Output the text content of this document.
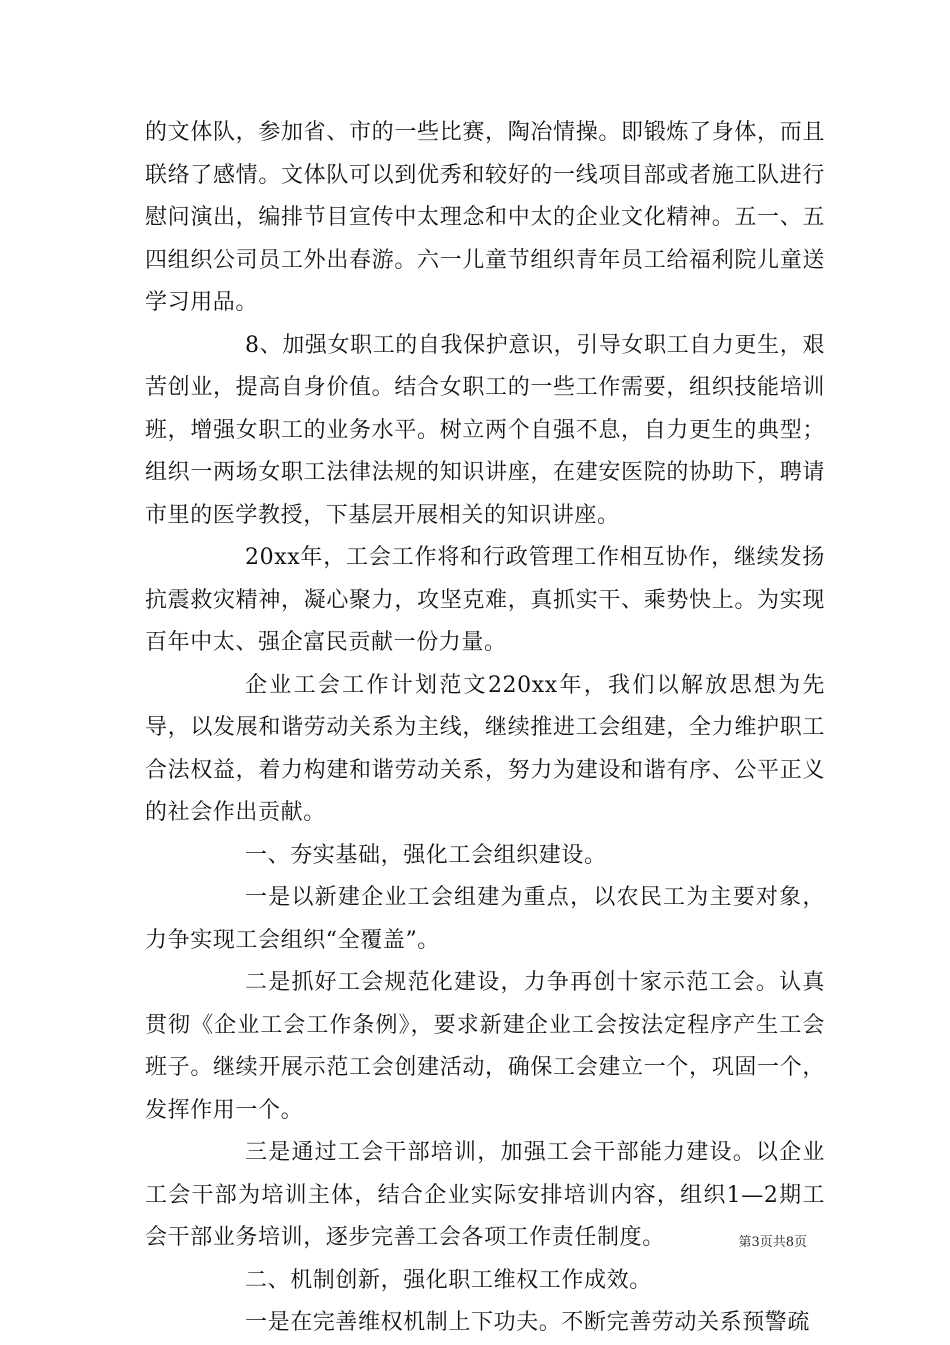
的文体队，参加省、市的一些比赛，陶冶情操。即锻炼了身体，而且联络了感情。文体队可以到优秀和较好的一线项目部或者施工队进行慰问演出，编排节目宣传中太理念和中太的企业文化精神。五一、五四组织公司员工外出春游。六一儿童节组织青年员工给福利院儿童送学习用品。

8、加强女职工的自我保护意识，引导女职工自力更生，艰苦创业，提高自身价值。结合女职工的一些工作需要，组织技能培训班，增强女职工的业务水平。树立两个自强不息，自力更生的典型；组织一两场女职工法律法规的知识讲座，在建安医院的协助下，聘请市里的医学教授，下基层开展相关的知识讲座。

20xx年，工会工作将和行政管理工作相互协作，继续发扬抗震救灾精神，凝心聚力，攻坚克难，真抓实干、乘势快上。为实现百年中太、强企富民贡献一份力量。

企业工会工作计划范文220xx年，我们以解放思想为先导，以发展和谐劳动关系为主线，继续推进工会组建，全力维护职工合法权益，着力构建和谐劳动关系，努力为建设和谐有序、公平正义的社会作出贡献。

一、夯实基础，强化工会组织建设。

一是以新建企业工会组建为重点，以农民工为主要对象，力争实现工会组织“全覆盖”。

二是抓好工会规范化建设，力争再创十家示范工会。认真贯彻《企业工会工作条例》，要求新建企业工会按法定程序产生工会班子。继续开展示范工会创建活动，确保工会建立一个，巩固一个，发挥作用一个。

三是通过工会干部培训，加强工会干部能力建设。以企业工会干部为培训主体，结合企业实际安排培训内容，组织1—2期工会干部业务培训，逐步完善工会各项工作责任制度。

二、机制创新，强化职工维权工作成效。

一是在完善维权机制上下功夫。不断完善劳动关系预警疏

第3页共8页
